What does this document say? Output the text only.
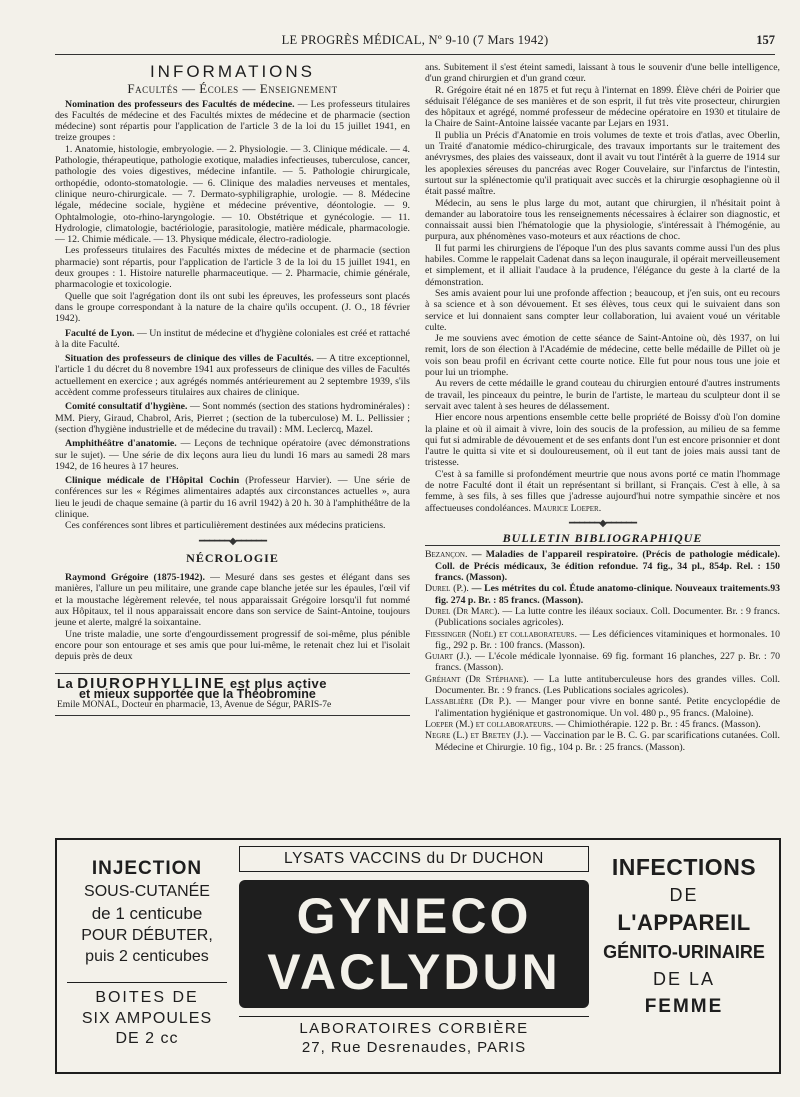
LE PROGRÈS MÉDICAL, Nº 9-10 (7 Mars 1942)	157
INFORMATIONS
Facultés — Écoles — Enseignement

Nomination des professeurs des Facultés de médecine. — Les professeurs titulaires des Facultés de médecine et des Facultés mixtes de médecine et de pharmacie (section médecine) sont répartis pour l'application de l'article 3 de la loi du 15 juillet 1941, en treize groupes :

1. Anatomie, histologie, embryologie. — 2. Physiologie. — 3. Clinique médicale. — 4. Pathologie, thérapeutique, pathologie exotique, maladies infectieuses, tuberculose, cancer, pathologie des voies digestives, médecine infantile. — 5. Pathologie chirurgicale, orthopédie, odonto-stomatologie. — 6. Clinique des maladies nerveuses et mentales, clinique neuro-chirurgicale. — 7. Dermato-syphiligraphie, urologie. — 8. Médecine légale, médecine sociale, hygiène et médecine préventive, déontologie. — 9. Ophtalmologie, oto-rhino-laryngologie. — 10. Obstétrique et gynécologie. — 11. Hydrologie, climatologie, bactériologie, parasitologie, matière médicale, pharmacologie. — 12. Chimie médicale. — 13. Physique médicale, électro-radiologie.

Les professeurs titulaires des Facultés mixtes de médecine et de pharmacie (section pharmacie) sont répartis, pour l'application de l'article 3 de la loi du 15 juillet 1941, en deux groupes : 1. Histoire naturelle pharmaceutique. — 2. Pharmacie, chimie générale, pharmacologie et toxicologie.

Quelle que soit l'agrégation dont ils ont subi les épreuves, les professeurs sont placés dans le groupe correspondant à la nature de la chaire qu'ils occupent. (J. O., 18 février 1942).

Faculté de Lyon. — Un institut de médecine et d'hygiène coloniales est créé et rattaché à la dite Faculté.

Situation des professeurs de clinique des villes de Facultés. — A titre exceptionnel, l'article 1 du décret du 8 novembre 1941 aux professeurs de clinique des villes de Facultés actuellement en exercice ; aux agrégés nommés antérieurement au 2 septembre 1939, s'ils accèdent comme professeurs titulaires aux chaires de clinique.

Comité consultatif d'hygiène. — Sont nommés (section des stations hydrominérales) : MM. Piery, Giraud, Chabrol, Aris, Pierret ; (section de la tuberculose) M. L. Pellissier ; (section d'hygiène industrielle et de médecine du travail) : MM. Leclercq, Mazel.

Amphithéâtre d'anatomie. — Leçons de technique opératoire (avec démonstrations sur le sujet). — Une série de dix leçons aura lieu du lundi 16 mars au samedi 28 mars 1942, de 16 heures à 17 heures.

Clinique médicale de l'Hôpital Cochin (Professeur Harvier). — Une série de conférences sur les « Régimes alimentaires adaptés aux circonstances actuelles », aura lieu le jeudi de chaque semaine (à partir du 16 avril 1942) à 20 h. 30 à l'amphithéâtre de la clinique.

Ces conférences sont libres et particulièrement destinées aux médecins praticiens.

━━━━━━◆━━━━━━
NÉCROLOGIE

Raymond Grégoire (1875-1942). — Mesuré dans ses gestes et élégant dans ses manières, l'allure un peu militaire, une grande cape blanche jetée sur les épaules, l'œil vif et la moustache légèrement relevée, tel nous apparaissait Grégoire lorsqu'il fut nommé aux Hôpitaux, tel il nous apparaissait encore dans son service de Saint-Antoine, toujours jeune et alerte, malgré la soixantaine.

Une triste maladie, une sorte d'engourdissement progressif de soi-même, plus pénible encore pour son entourage et ses amis que pour lui-même, le retenait chez lui et l'isolait depuis près de deux

La DIUROPHYLLINE est plus active
et mieux supportée que la Théobromine
Emile MONAL, Docteur en pharmacie, 13, Avenue de Ségur, PARIS-7e

ans. Subitement il s'est éteint samedi, laissant à tous le souvenir d'une belle intelligence, d'un grand chirurgien et d'un grand cœur.

R. Grégoire était né en 1875 et fut reçu à l'internat en 1899. Élève chéri de Poirier que séduisait l'élégance de ses manières et de son esprit, il fut très vite prosecteur, chirurgien des hôpitaux et agrégé, nommé professeur de médecine opératoire en 1930 et titulaire de la Chaire de Saint-Antoine laissée vacante par Lejars en 1931.

Il publia un Précis d'Anatomie en trois volumes de texte et trois d'atlas, avec Oberlin, un Traité d'anatomie médico-chirurgicale, des travaux importants sur le traitement des anévrysmes, des plaies des vaisseaux, dont il avait vu tout l'intérêt à la guerre de 1914 sur les apoplexies séreuses du pancréas avec Roger Couvelaire, sur l'infarctus de l'intestin, surtout sur la splénectomie qu'il pratiquait avec succès et la chirurgie œsophagienne où il était passé maître.

Médecin, au sens le plus large du mot, autant que chirurgien, il n'hésitait point à demander au laboratoire tous les renseignements nécessaires à éclairer son diagnostic, et connaissait aussi bien l'hématologie que la physiologie, s'intéressait à l'hémogénie, au purpura, aux phénomènes vaso-moteurs et aux réactions de choc.

Il fut parmi les chirurgiens de l'époque l'un des plus savants comme aussi l'un des plus habiles. Comme le rappelait Cadenat dans sa leçon inaugurale, il opérait merveilleusement et simplement, et il alliait l'audace à la prudence, l'élégance du geste à la clarté de la démonstration.

Ses amis avaient pour lui une profonde affection ; beaucoup, et j'en suis, ont eu recours à sa science et à son dévouement. Et ses élèves, tous ceux qui le suivaient dans son service et lui donnaient sans compter leur collaboration, lui avaient voué un véritable culte.

Je me souviens avec émotion de cette séance de Saint-Antoine où, dès 1937, on lui remit, lors de son élection à l'Académie de médecine, cette belle médaille de Pillet où je vois son beau profil en écrivant cette courte notice. Elle fut pour nous tous une joie et pour lui un triomphe.

Au revers de cette médaille le grand couteau du chirurgien entouré d'autres instruments de travail, les pinceaux du peintre, le burin de l'artiste, le marteau du sculpteur dont il se servait avec talent à ses heures de délassement.

Hier encore nous arpentions ensemble cette belle propriété de Boissy d'où l'on domine la plaine et où il aimait à vivre, loin des soucis de la profession, au milieu de sa femme qui fut si admirable de dévouement et de ses enfants dont l'un est encore prisonnier et dont l'autre le quitta si vite et si douloureusement, où il eut tant de joies mais aussi tant de tristesse.

C'est à sa famille si profondément meurtrie que nous avons porté ce matin l'hommage de notre Faculté dont il était un représentant si brillant, si Français. C'est à elle, à sa femme, à ses fils, à ses filles que j'adresse aujourd'hui notre sympathie sincère et nos affectueuses condoléances. Maurice Loeper.

━━━━━━◆━━━━━━
BULLETIN BIBLIOGRAPHIQUE

Bezançon. — Maladies de l'appareil respiratoire. (Précis de pathologie médicale). Coll. de Précis médicaux, 3e édition refondue. 74 fig., 34 pl., 854p. Rel. : 150 francs. (Masson).

Durel (P.). — Les métrites du col. Étude anatomo-clinique. Nouveaux traitements.93 fig. 274 p. Br. : 85 francs. (Masson).

Durel (Dr Marc). — La lutte contre les iléaux sociaux. Coll. Documenter. Br. : 9 francs. (Publications sociales agricoles).

Fiessinger (Noël) et collaborateurs. — Les déficiences vitaminiques et hormonales. 10 fig., 292 p. Br. : 100 francs. (Masson).

Guiart (J.). — L'école médicale lyonnaise. 69 fig. formant 16 planches, 227 p. Br. : 70 francs. (Masson).

Gréhant (Dr Stéphane). — La lutte antituberculeuse hors des grandes villes. Coll. Documenter. Br. : 9 francs. (Les Publications sociales agricoles).

Lassablière (Dr P.). — Manger pour vivre en bonne santé. Petite encyclopédie de l'alimentation hygiénique et gastronomique. Un vol. 480 p., 95 francs. (Maloine).

Loeper (M.) et collaborateurs. — Chimiothérapie. 122 p. Br. : 45 francs. (Masson).

Negre (L.) et Bretey (J.). — Vaccination par le B. C. G. par scarifications cutanées. Coll. Médecine et Chirurgie. 10 fig., 104 p. Br. : 25 francs. (Masson).

INJECTION
SOUS-CUTANÉE
de 1 centicube
POUR DÉBUTER,
puis 2 centicubes
BOITES DE
SIX AMPOULES
DE 2 cc
LYSATS VACCINS du Dr DUCHON
GYNECO
VACLYDUN
LABORATOIRES CORBIÈRE
27, Rue Desrenaudes, PARIS
INFECTIONS
DE
L'APPAREIL
GÉNITO-URINAIRE
DE LA
FEMME
